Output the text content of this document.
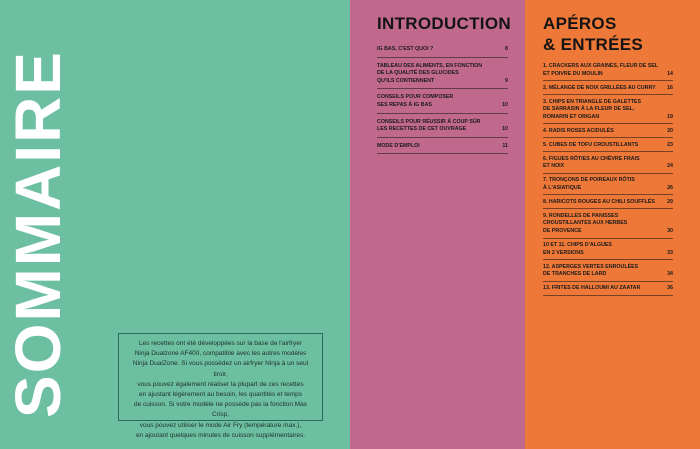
SOMMAIRE	Les recettes ont été développées sur la base de l'airfryer
Ninja Dualzone AF400, compatible avec les autres modèles
Ninja DualZone. Si vous possédez un airfryer Ninja à un seul tiroir,
vous pouvez également réaliser la plupart de ces recettes
en ajustant légèrement au besoin, les quantités et temps
de cuisson. Si votre modèle ne possède pas la fonction Max Crisp,
vous pouvez utiliser le mode Air Fry (température max.),
en ajoutant quelques minutes de cuisson supplémentaires.
INTRODUCTION
IG BAS, C'EST QUOI ?	8
TABLEAU DES ALIMENTS, EN FONCTION
DE LA QUALITÉ DES GLUCIDES
QU'ILS CONTIENNENT	9
CONSEILS POUR COMPOSER
SES REPAS À IG BAS	10
CONSEILS POUR RÉUSSIR À COUP SÛR
LES RECETTES DE CET OUVRAGE	10
MODE D'EMPLOI	11
APÉROS
& ENTRÉES
1. CRACKERS AUX GRAINES, FLEUR DE SEL
ET POIVRE DU MOULIN	14
2. MÉLANGE DE NOIX GRILLÉES AU CURRY	16
3. CHIPS EN TRIANGLE DE GALETTES
DE SARRASIN À LA FLEUR DE SEL,
ROMARIN ET ORIGAN	19
4. RADIS ROSES ACIDULÉS	20
5. CUBES DE TOFU CROUSTILLANTS	23
6. FIGUES RÔTIES AU CHÈVRE FRAIS
ET NOIX	24
7. TRONÇONS DE POIREAUX RÔTIS
À L'ASIATIQUE	26
8. HARICOTS ROUGES AU CHILI SOUFFLÉS	29
9. RONDELLES DE PANISSES
CROUSTILLANTES AUX HERBES
DE PROVENCE	30
10 ET 11. CHIPS D'ALGUES
EN 2 VERSIONS	33
12. ASPERGES VERTES ENROULÉES
DE TRANCHES DE LARD	34
13. FRITES DE HALLOUMI AU ZAATAR	36
